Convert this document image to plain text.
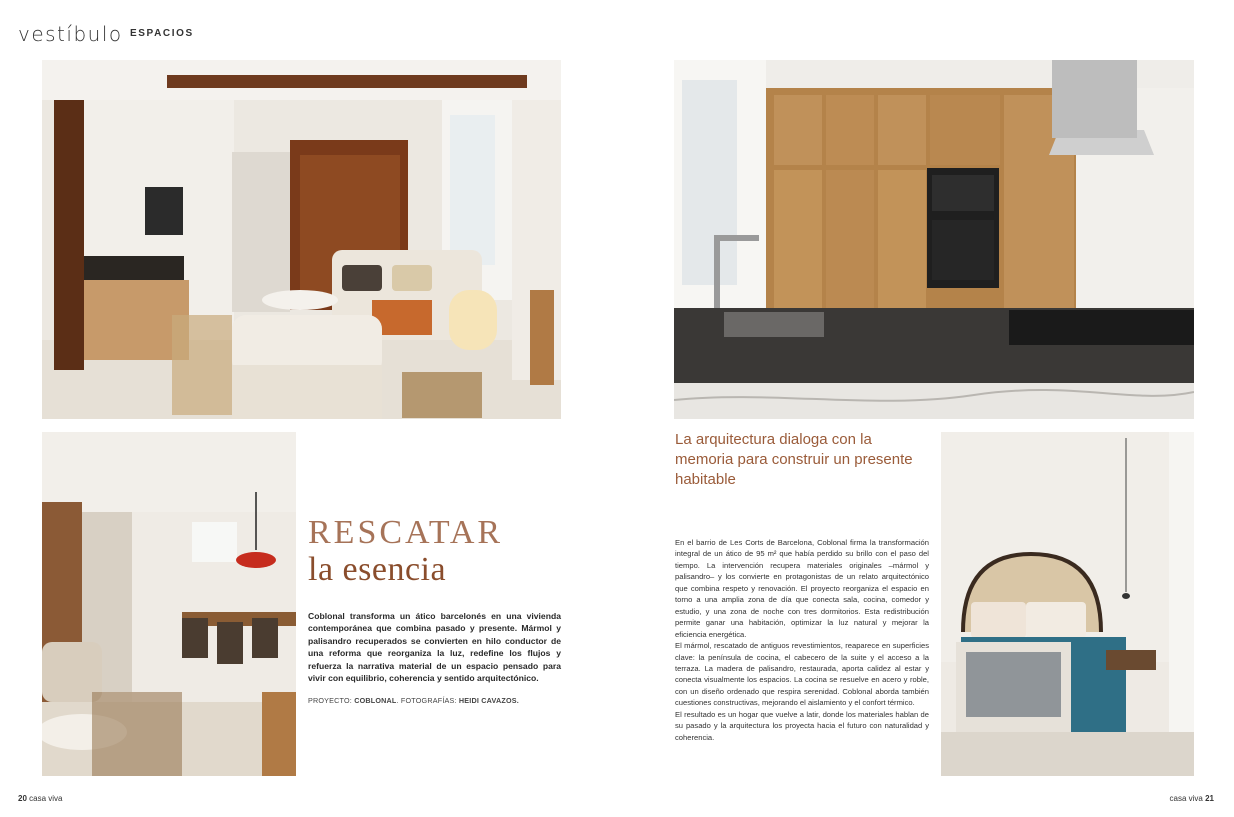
vestíbulo ESPACIOS
RESCATAR
la esencia
Coblonal transforma un ático barcelonés en una vivienda contemporánea que combina pasado y presente. Mármol y palisandro recuperados se convierten en hilo conductor de una reforma que reorganiza la luz, redefine los flujos y refuerza la narrativa material de un espacio pensado para vivir con equilibrio, coherencia y sentido arquitectónico.
PROYECTO: COBLONAL. FOTOGRAFÍAS: HEIDI CAVAZOS.
La arquitectura dialoga con la memoria para construir un presente habitable

En el barrio de Les Corts de Barcelona, Coblonal firma la transformación integral de un ático de 95 m² que había perdido su brillo con el paso del tiempo. La intervención recupera materiales originales –mármol y palisandro– y los convierte en protagonistas de un relato arquitectónico que combina respeto y renovación. El proyecto reorganiza el espacio en torno a una amplia zona de día que conecta sala, cocina, comedor y estudio, y una zona de noche con tres dormitorios. Esta redistribución permite ganar una habitación, optimizar la luz natural y mejorar la eficiencia energética.

El mármol, rescatado de antiguos revestimientos, reaparece en superficies clave: la península de cocina, el cabecero de la suite y el acceso a la terraza. La madera de palisandro, restaurada, aporta calidez al estar y conecta visualmente los espacios. La cocina se resuelve en acero y roble, con un diseño ordenado que respira serenidad. Coblonal aborda también cuestiones constructivas, mejorando el aislamiento y el confort térmico.

El resultado es un hogar que vuelve a latir, donde los materiales hablan de su pasado y la arquitectura los proyecta hacia el futuro con naturalidad y coherencia.

20 casa viva	casa viva 21
